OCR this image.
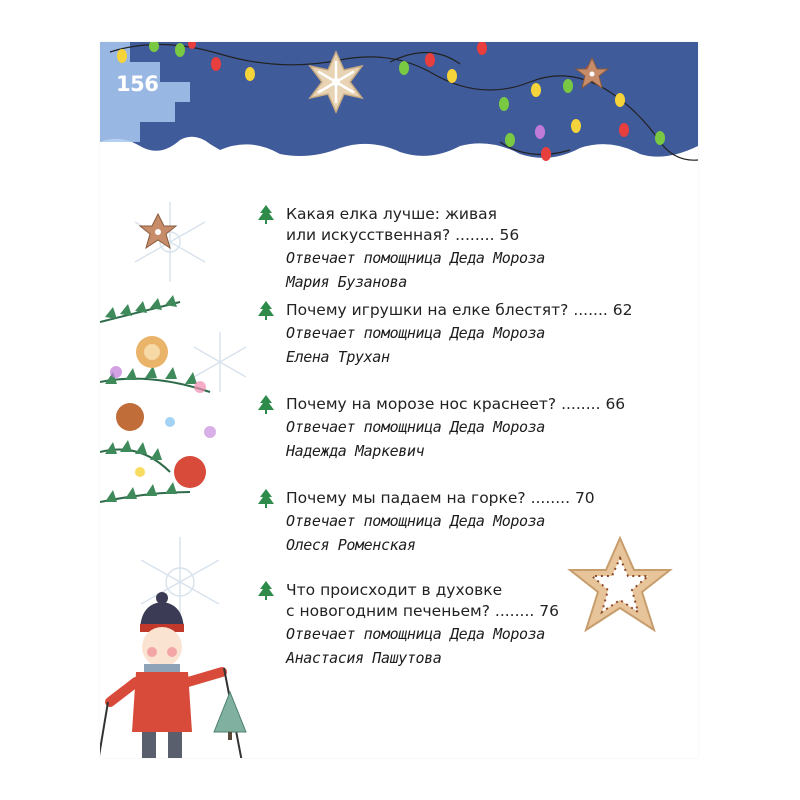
156
Какая елка лучше: живая
или искусственная? ........ 56
Отвечает помощница Деда Мороза
Мария Бузанова
Почему игрушки на елке блестят? ....... 62
Отвечает помощница Деда Мороза
Елена Трухан
Почему на морозе нос краснеет? ........ 66
Отвечает помощница Деда Мороза
Надежда Маркевич
Почему мы падаем на горке? ........ 70
Отвечает помощница Деда Мороза
Олеся Роменская
Что происходит в духовке
с новогодним печеньем? ........ 76
Отвечает помощница Деда Мороза
Анастасия Пашутова
